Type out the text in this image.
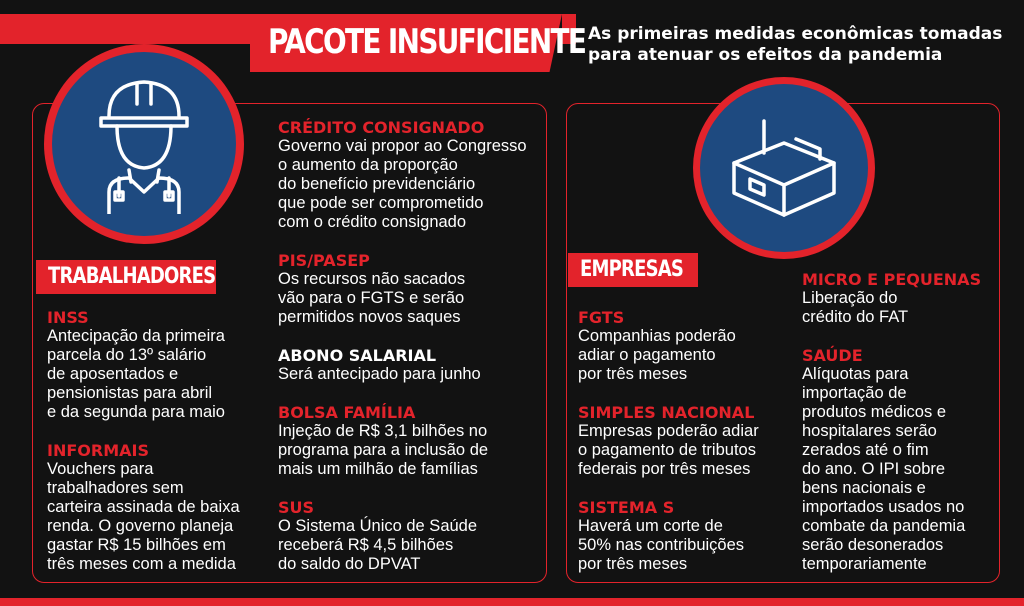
PACOTE INSUFICIENTE As primeiras medidas econômicas tomadas
para atenuar os efeitos da pandemia
TRABALHADORES
INSS
Antecipação da primeira
parcela do 13º salário
de aposentados e
pensionistas para abril
e da segunda para maio
INFORMAIS
Vouchers para
trabalhadores sem
carteira assinada de baixa
renda. O governo planeja
gastar R$ 15 bilhões em
três meses com a medida
CRÉDITO CONSIGNADO
Governo vai propor ao Congresso
o aumento da proporção
do benefício previdenciário
que pode ser comprometido
com o crédito consignado
PIS/PASEP
Os recursos não sacados
vão para o FGTS e serão
permitidos novos saques
ABONO SALARIAL
Será antecipado para junho
BOLSA FAMÍLIA
Injeção de R$ 3,1 bilhões no
programa para a inclusão de
mais um milhão de famílias
SUS
O Sistema Único de Saúde
receberá R$ 4,5 bilhões
do saldo do DPVAT
EMPRESAS
FGTS
Companhias poderão
adiar o pagamento
por três meses
SIMPLES NACIONAL
Empresas poderão adiar
o pagamento de tributos
federais por três meses
SISTEMA S
Haverá um corte de
50% nas contribuições
por três meses
MICRO E PEQUENAS
Liberação do
crédito do FAT
SAÚDE
Alíquotas para
importação de
produtos médicos e
hospitalares serão
zerados até o fim
do ano. O IPI sobre
bens nacionais e
importados usados no
combate da pandemia
serão desonerados
temporariamente
